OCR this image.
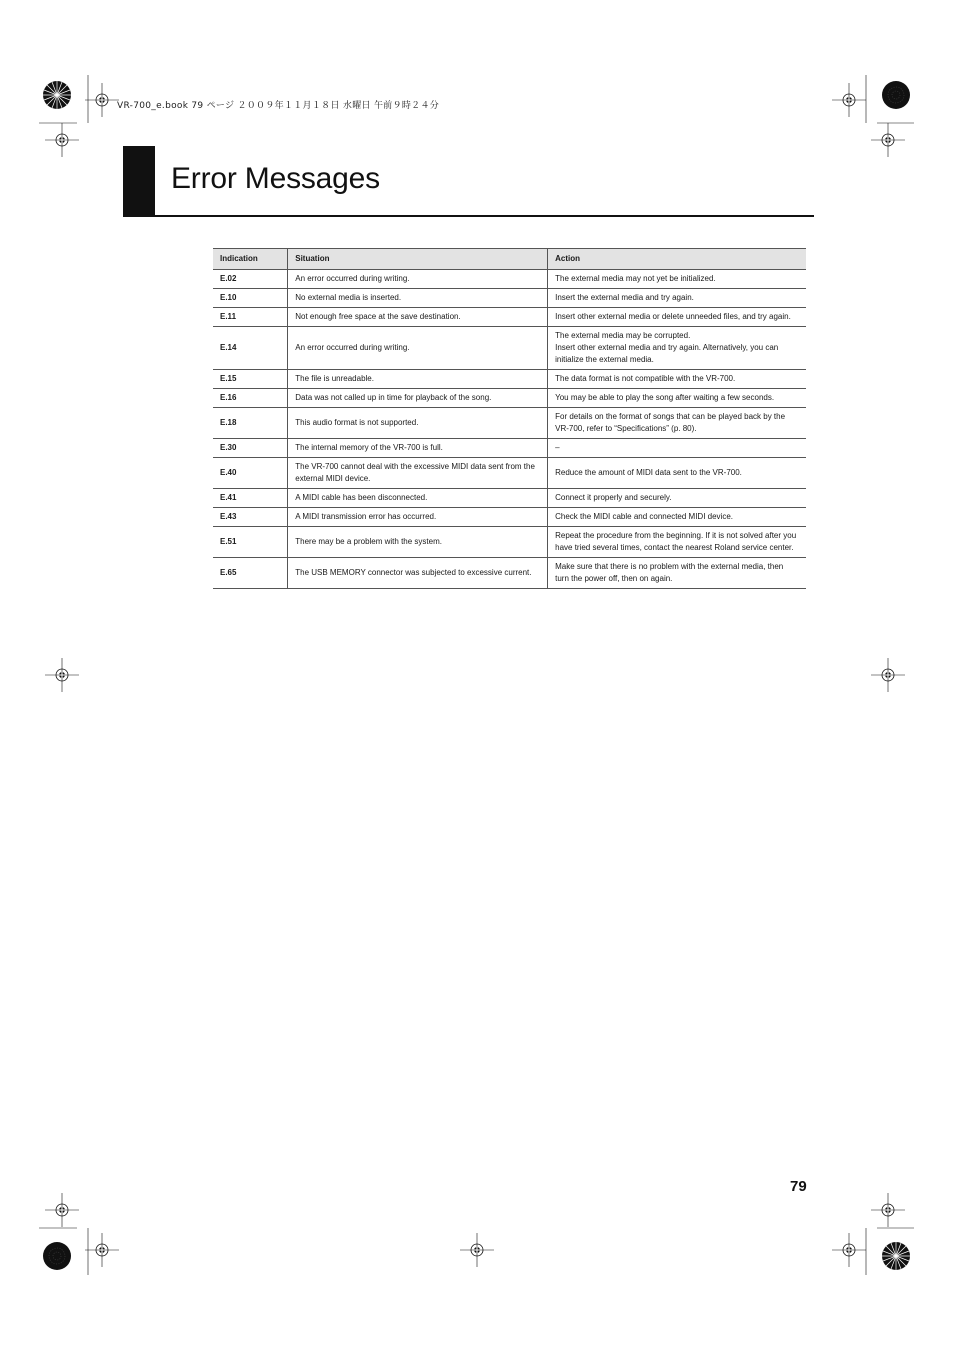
VR-700_e.book 79 ページ ２００９年１１月１８日 水曜日 午前９時２４分
Error Messages
Indication	Situation	Action
E.02	An error occurred during writing.	The external media may not yet be initialized.
E.10	No external media is inserted.	Insert the external media and try again.
E.11	Not enough free space at the save destination.	Insert other external media or delete unneeded files, and try again.
E.14	An error occurred during writing.	The external media may be corrupted.
Insert other external media and try again. Alternatively, you can initialize the external media.
E.15	The file is unreadable.	The data format is not compatible with the VR-700.
E.16	Data was not called up in time for playback of the song.	You may be able to play the song after waiting a few seconds.
E.18	This audio format is not supported.	For details on the format of songs that can be played back by the VR-700, refer to “Specifications” (p. 80).
E.30	The internal memory of the VR-700 is full.	–
E.40	The VR-700 cannot deal with the excessive MIDI data sent from the external MIDI device.	Reduce the amount of MIDI data sent to the VR-700.
E.41	A MIDI cable has been disconnected.	Connect it properly and securely.
E.43	A MIDI transmission error has occurred.	Check the MIDI cable and connected MIDI device.
E.51	There may be a problem with the system.	Repeat the procedure from the beginning. If it is not solved after you have tried several times, contact the nearest Roland service center.
E.65	The USB MEMORY connector was subjected to excessive current.	Make sure that there is no problem with the external media, then turn the power off, then on again.
79
